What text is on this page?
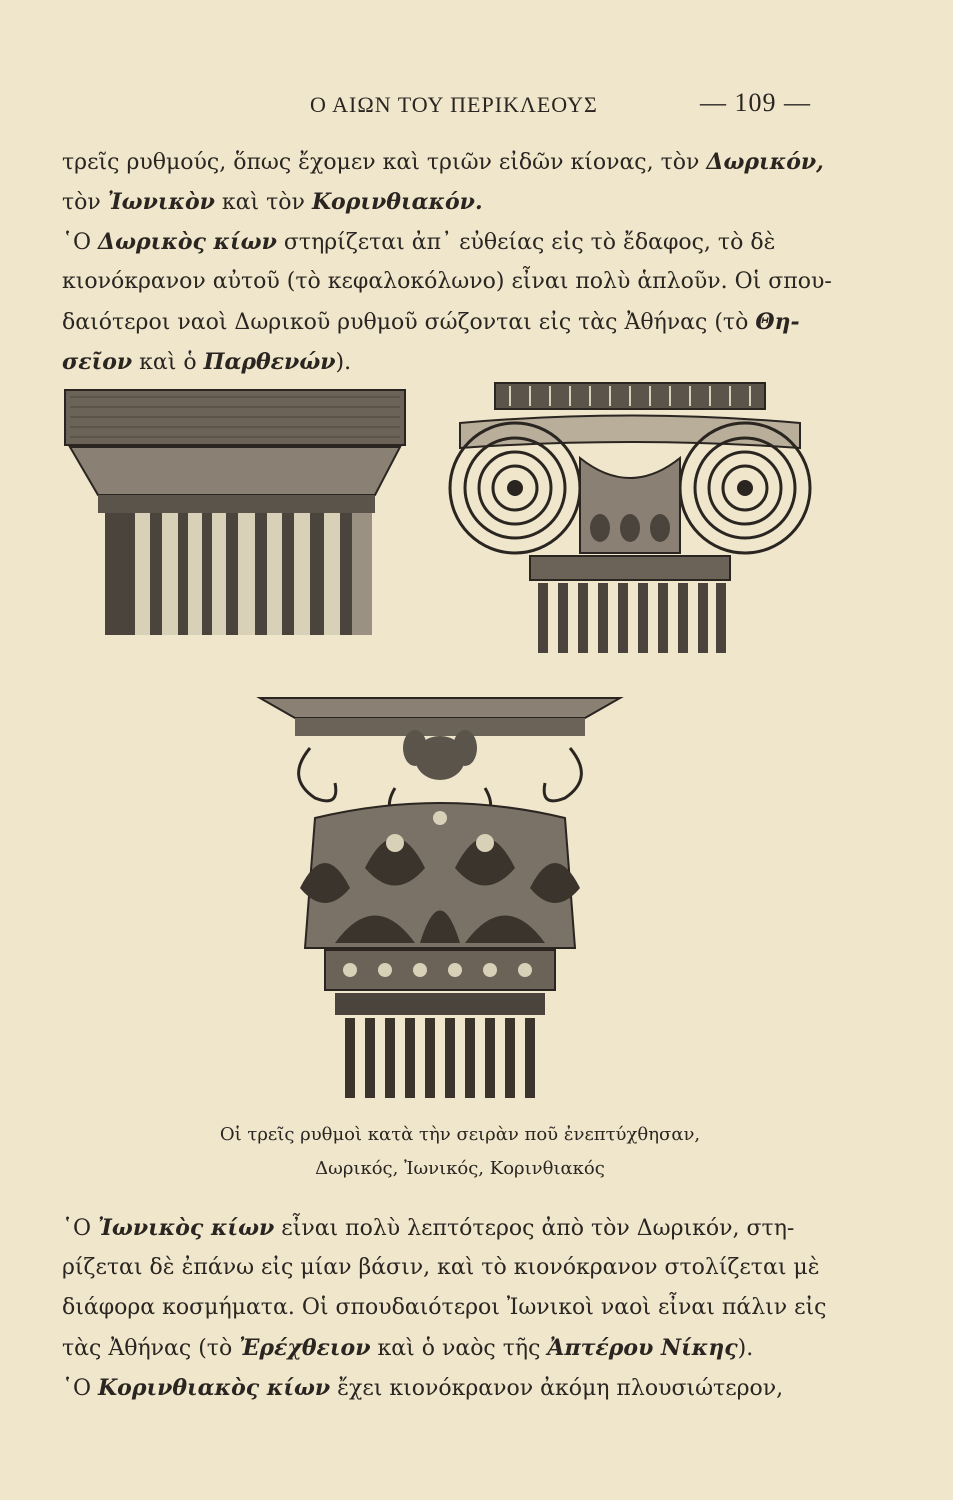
Ο ΑΙΩΝ ΤΟΥ ΠΕΡΙΚΛΕΟΥΣ	— 109 —
τρεῖς ρυθμούς, ὅπως ἔχομεν καὶ τριῶν εἰδῶν κίονας, τὸν Δωρικόν,
τὸν Ἰωνικὸν καὶ τὸν Κορινθιακόν.
῾Ο Δωρικὸς κίων στηρίζεται ἀπ᾽ εὐθείας εἰς τὸ ἔδαφος, τὸ δὲ
κιονόκρανον αὐτοῦ (τὸ κεφαλοκόλωνο) εἶναι πολὺ ἁπλοῦν. Οἱ σπου-
δαιότεροι ναοὶ Δωρικοῦ ρυθμοῦ σώζονται εἰς τὰς Ἀθήνας (τὸ Θη-
σεῖον καὶ ὁ Παρθενών).
Οἱ τρεῖς ρυθμοὶ κατὰ τὴν σειρὰν ποῦ ἐνεπτύχθησαν,
Δωρικός, Ἰωνικός, Κορινθιακός
῾Ο Ἰωνικὸς κίων εἶναι πολὺ λεπτότερος ἀπὸ τὸν Δωρικόν, στη-
ρίζεται δὲ ἐπάνω εἰς μίαν βάσιν, καὶ τὸ κιονόκρανον στολίζεται μὲ
διάφορα κοσμήματα. Οἱ σπουδαιότεροι Ἰωνικοὶ ναοὶ εἶναι πάλιν εἰς
τὰς Ἀθήνας (τὸ Ἐρέχθειον καὶ ὁ ναὸς τῆς Ἀπτέρου Νίκης).
῾Ο Κορινθιακὸς κίων ἔχει κιονόκρανον ἀκόμη πλουσιώτερον,
